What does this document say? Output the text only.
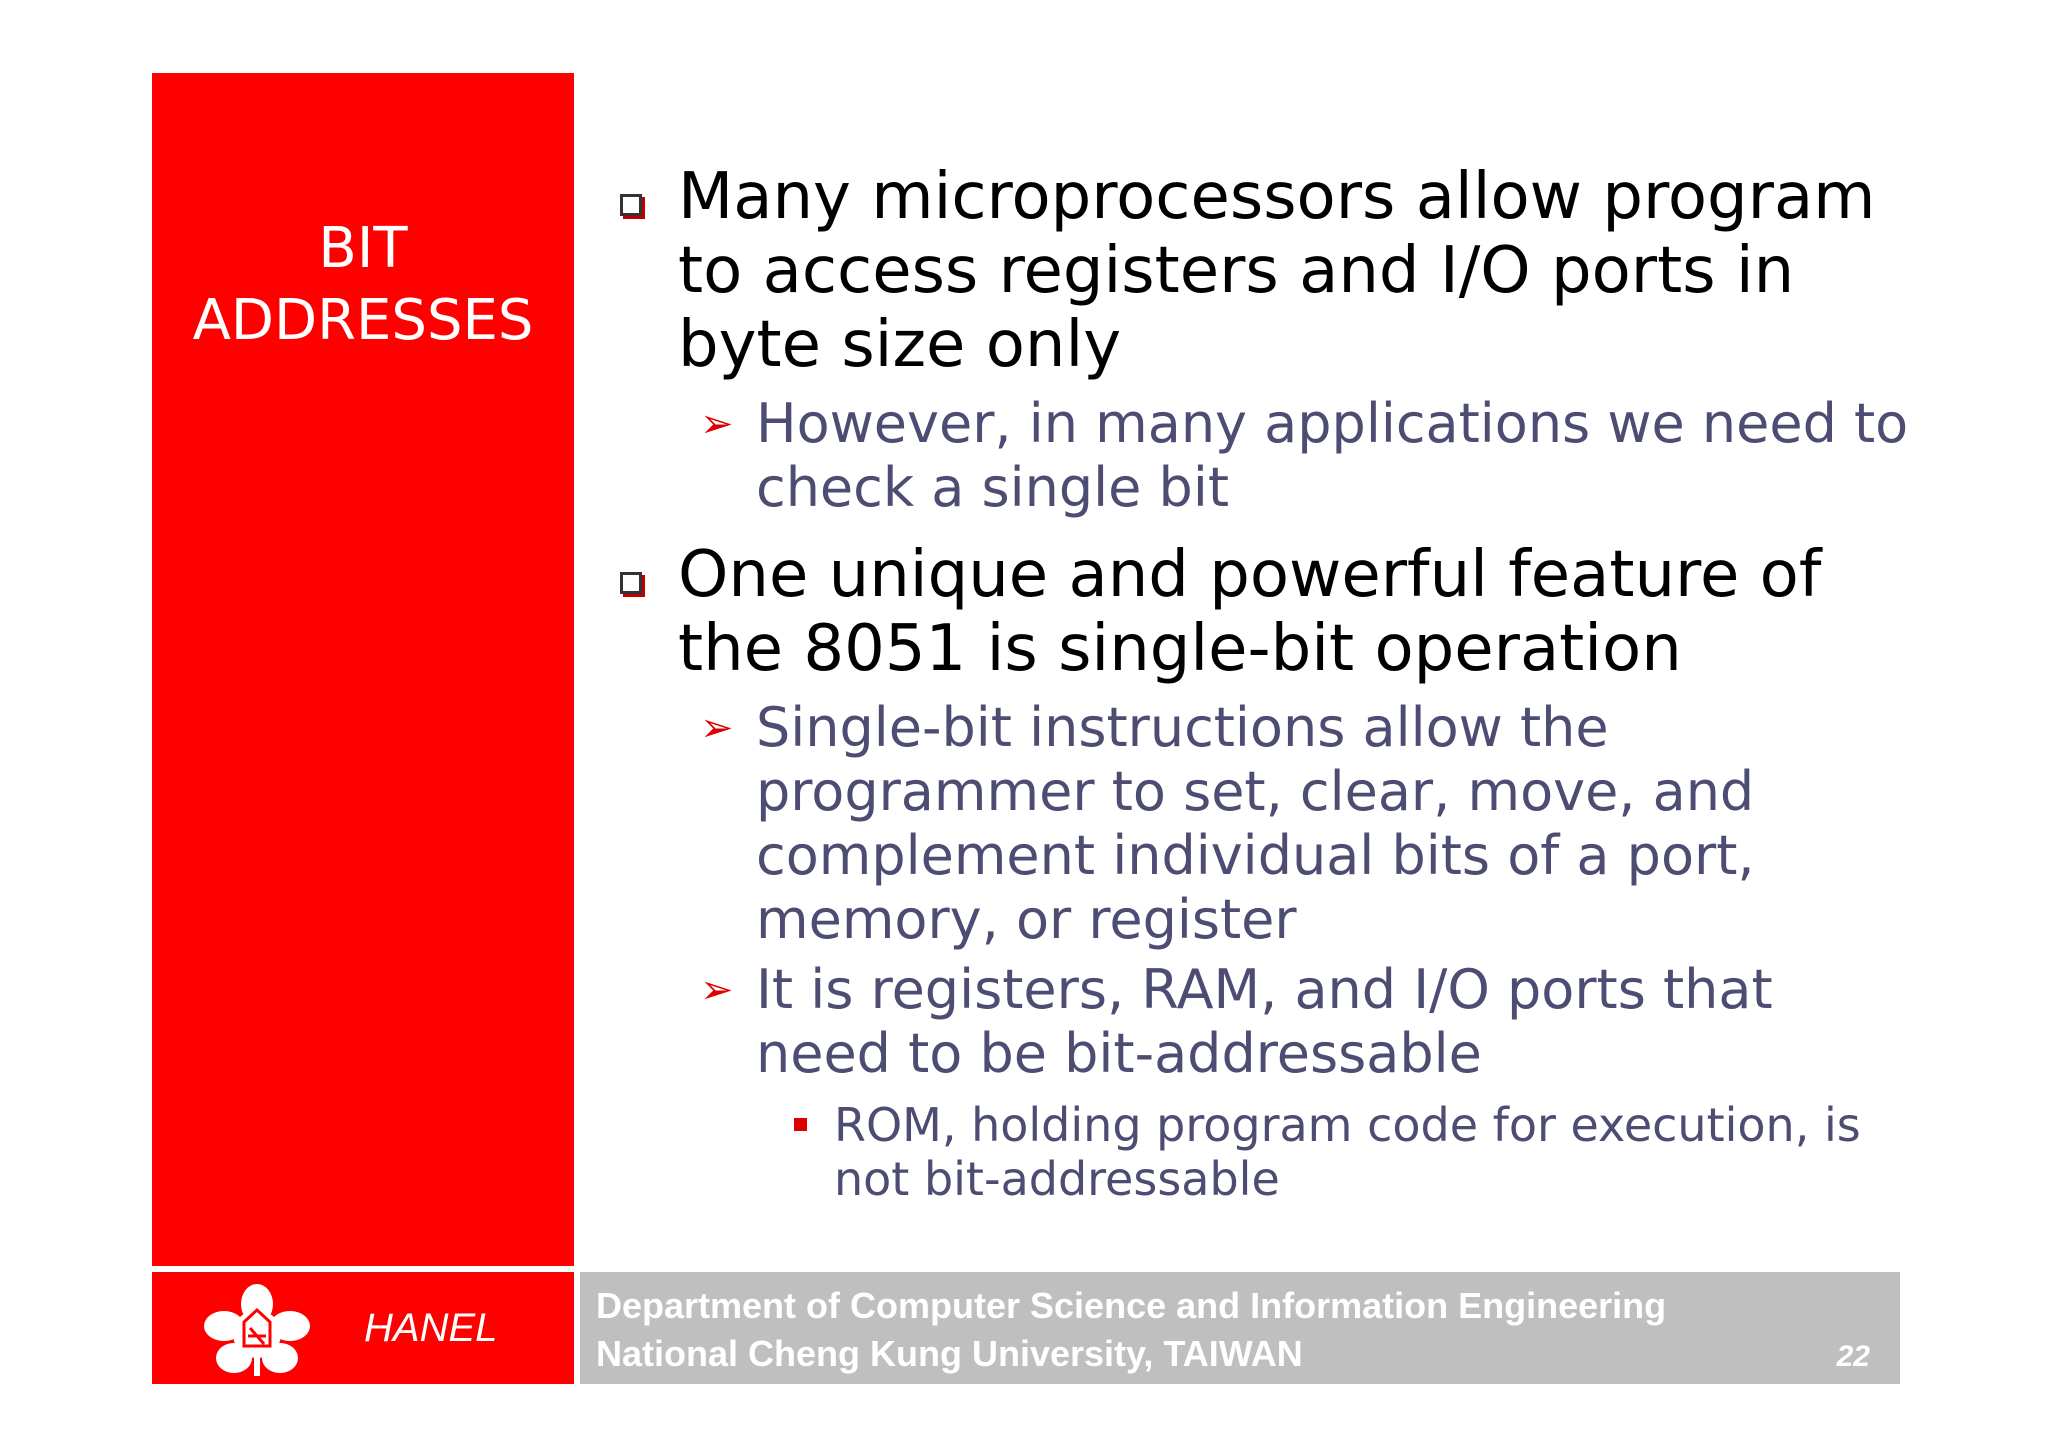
BIT
ADDRESSES
Many microprocessors allow program to access registers and I/O ports in byte size only
➢ However, in many applications we need to check a single bit
One unique and powerful feature of the 8051 is single-bit operation
➢ Single-bit instructions allow the programmer to set, clear, move, and complement individual bits of a port, memory, or register
➢ It is registers, RAM, and I/O ports that need to be bit-addressable
ROM, holding program code for execution, is not bit-addressable
HANEL
Department of Computer Science and Information Engineering
National Cheng Kung University, TAIWAN	22
